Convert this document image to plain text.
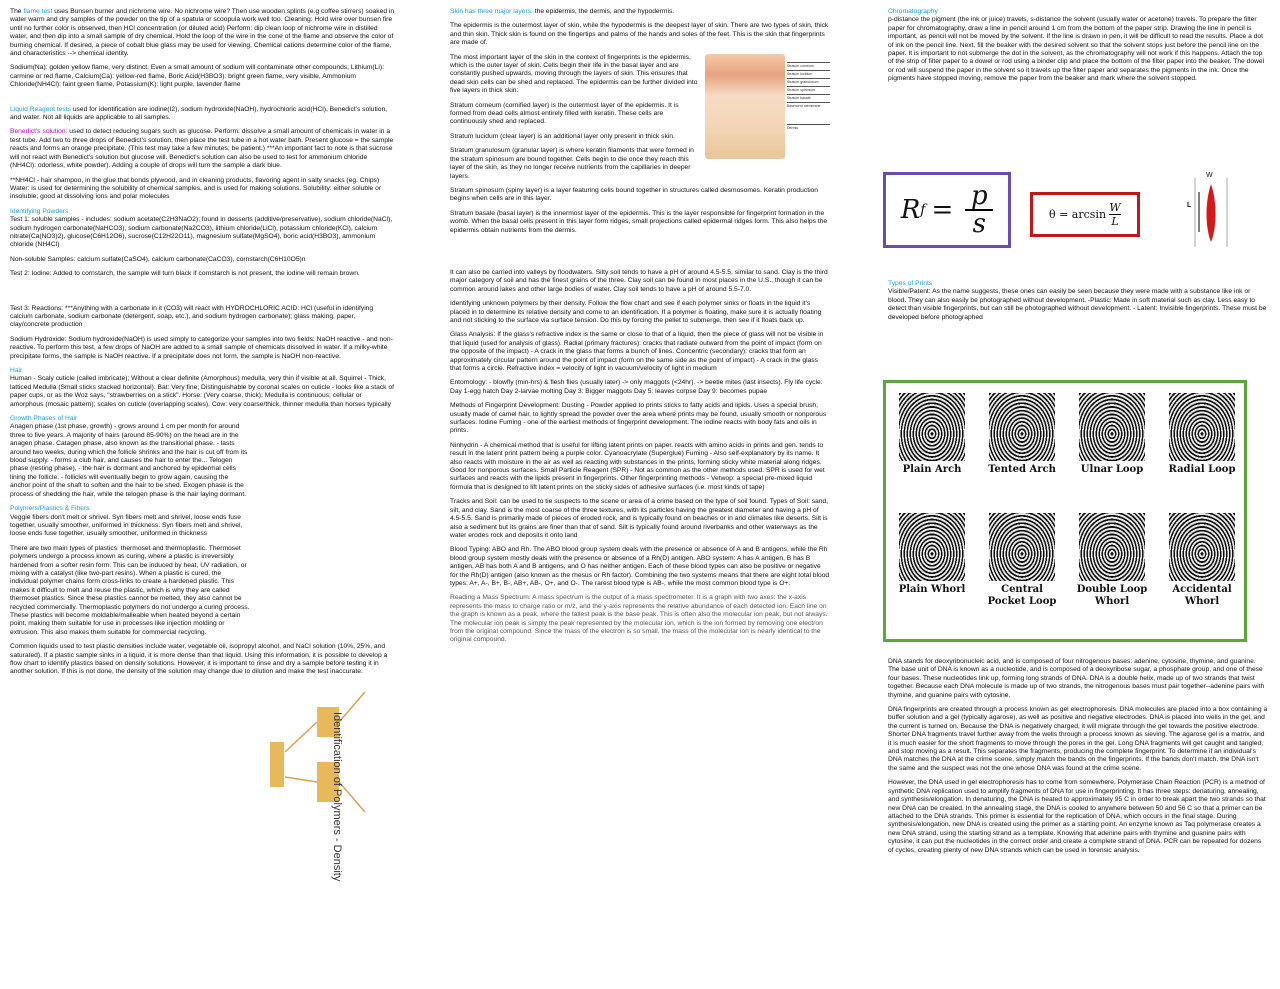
The flame test uses Bunsen burner and nichrome wire. No nichrome wire? Then use wooden splints (e.g coffee stirrers) soaked in water warm and dry samples of the powder on the tip of a spatula or scoopula work well too. Cleaning: Hold wire over bunsen fire until no further color is observed, then HCl concentration (or diluted acid) Perform: dip clean loop of nichrome wire in distilled water, and then dip into a small sample of dry chemical. Hold the loop of the wire in the cone of the flame and observe the color of burning chemical. If desired, a piece of cobalt blue glass may be used for viewing. Chemical cations determine color of the flame, and characteristics --> chemical identity.

Sodium(Na): golden yellow flame, very distinct. Even a small amount of sodium will contaminate other compounds; Lithium(Li): carmine or red flame, Calcium(Ca): yellow-red flame, Boric Acid(H3BO3): bright green flame, very visible, Ammonium Chloride(NH4Cl): faint green flame, Potassium(K): light purple, lavender flame

Liquid Reagent tests used for identification are iodine(I2), sodium hydroxide(NaOH), hydrochloric acid(HCl), Benedict's solution, and water. Not all liquids are applicable to all samples.

Benedict's solution: used to detect reducing sugars such as glucose. Perform: dissolve a small amount of chemicals in water in a test tube. Add two to three drops of Benedict's solution, then place the test tube in a hot water bath. Present glucose = the sample reacts and forms an orange precipitate. (This test may take a few minutes; be patient.) ***An important fact to note is that sucrose will not react with Benedict's solution but glucose will. Benedict's solution can also be used to test for ammonium chloride (NH4Cl): odorless, white powder). Adding a couple of drops will turn the sample a dark blue.

**NH4Cl - hair shampoo, in the glue that bonds plywood, and in cleaning products, flavoring agent in salty snacks (eg. Chips) Water: is used for determining the solubility of chemical samples, and is used for making solutions. Solubility: either soluble or insoluble; good at dissolving ions and polar molecules

Identifying Powders
Test 1: soluble samples - includes: sodium acetate(C2H3NaO2); found in desserts (additive/preservative), sodium chloride(NaCl), sodium hydrogen carbonate(NaHCO3), sodium carbonate(Na2CO3), lithium chloride(LiCl), potassium chloride(KCl), calcium nitrate(Ca(NO3)2), glucose(C6H12O6), sucrose(C12H22O11), magnesium sulfate(MgSO4), boric acid(H3BO3), ammonium chloride (NH4Cl)

Non-soluble Samples: calcium sulfate(CaSO4), calcium carbonate(CaCO3), cornstarch(C6H10O5)n

Test 2: Iodine: Added to cornstarch, the sample will turn black if cornstarch is not present, the iodine will remain brown.

Test 3: Reactions: ***Anything with a carbonate in it (CO3) will react with HYDROCHLORIC ACID: HCl (useful in identifying calcium carbonate, sodium carbonate (detergent, soap, etc.), and sodium hydrogen carbonate); glass making, paper, clay/concrete production

Sodium Hydroxide: Sodium hydroxide(NaOH) is used simply to categorize your samples into two fields: NaOH reactive - and non-reactive. To perform this test, a few drops of NaOH are added to a small sample of chemicals dissolved in water. If a milky-white precipitate forms, the sample is NaOH reactive. If a precipitate does not form, the sample is NaOH non-reactive.

Hair
Human - Scaly cuticle (called imbricate); Without a clear definite (Amorphous) medulla, very thin if visible at all. Squirrel - Thick, latticed Medulla (Small sticks stacked horizontal). Bat: Very fine; Distinguishable by coronal scales on cuticle - looks like a stack of paper cups, or as the Woz says, "strawberries on a stick". Horse: (Very coarse, thick); Medulla is continuous; cellular or amorphous (mosaic pattern); scales on cuticle (overlapping scales). Cow: very coarse/thick, thinner medulla than horses typically

Growth Phases of Hair
Anagen phase (1st phase, growth) - grows around 1 cm per month for around three to five years. A majority of hairs (around 85-90%) on the head are in the anagen phase. Catagen phase, also known as the transitional phase. - lasts around two weeks, during which the follicle shrinks and the hair is cut off from its blood supply. - forms a club hair, and causes the hair to enter the... Telogen phase (resting phase), - the hair is dormant and anchored by epidermal cells lining the follicle. - follicles will eventually begin to grow again, causing the anchor point of the shaft to soften and the hair to be shed. Exogen phase is the process of shedding the hair, while the telogen phase is the hair laying dormant.

Polymers/Plastics & Fibers
Veggie fibers don't melt or shrivel. Syn fibers melt and shrivel, loose ends fuse together, usually smoother, uniformed in thickness. Syn fibers melt and shrivel, loose ends fuse together, usually smoother, uniformed in thickness

There are two main types of plastics: thermoset and thermoplastic. Thermoset polymers undergo a process known as curing, where a plastic is irreversibly hardened from a softer resin form. This can be induced by heat, UV radiation, or mixing with a catalyst (like two-part resins). When a plastic is cured, the individual polymer chains form cross-links to create a hardened plastic. This makes it difficult to melt and reuse the plastic, which is why they are called thermoset plastics. Since these plastics cannot be melted, they also cannot be recycled commercially. Thermoplastic polymers do not undergo a curing process. These plastics will become moldable/malleable when heated beyond a certain point, making them suitable for use in processes like injection molding or extrusion. This also makes them suitable for commercial recycling.

Common liquids used to test plastic densities include water, vegetable oil, isopropyl alcohol, and NaCl solution (10%, 25%, and saturated). If a plastic sample sinks in a liquid, it is more dense than that liquid. Using this information, it is possible to develop a flow chart to identify plastics based on density solutions. However, it is important to rinse and dry a sample before testing it in another solution. If this is not done, the density of the solution may change due to dilution and make the test inaccurate.

Identification of Polymers - Density

Skin has three major layers: the epidermis, the dermis, and the hypodermis.

The epidermis is the outermost layer of skin, while the hypodermis is the deepest layer of skin. There are two types of skin, thick and thin skin. Thick skin is found on the fingertips and palms of the hands and soles of the feet. This is the skin that fingerprints are made of.

Stratum corneum
Stratum lucidum
Stratum granulosum
Stratum spinosum
Stratum basale
Basement membrane
Dermis

The most important layer of the skin in the context of fingerprints is the epidermis, which is the outer layer of skin. Cells begin their life in the basal layer and are constantly pushed upwards, moving through the layers of skin. This ensures that dead skin cells can be shed and replaced. The epidermis can be further divided into five layers in thick skin:

Stratum corneum (cornified layer) is the outermost layer of the epidermis. It is formed from dead cells almost entirely filled with keratin. These cells are continuously shed and replaced.

Stratum lucidum (clear layer) is an additional layer only present in thick skin.

Stratum granulosum (granular layer) is where keratin filaments that were formed in the stratum spinosum are bound together. Cells begin to die once they reach this layer of the skin, as they no longer receive nutrients from the capillaries in deeper layers.

Stratum spinosum (spiny layer) is a layer featuring cells bound together in structures called desmosomes. Keratin production begins when cells are in this layer.

Stratum basale (basal layer) is the innermost layer of the epidermis. This is the layer responsible for fingerprint formation in the womb. When the basal cells present in this layer form ridges, small projections called epidermal ridges form. This also helps the epidermis obtain nutrients from the dermis.

It can also be carried into valleys by floodwaters. Silty soil tends to have a pH of around 4.5-5.5, similar to sand. Clay is the third major category of soil and has the finest grains of the three. Clay soil can be found in most places in the U.S., though it can be common around lakes and other large bodies of water. Clay soil tends to have a pH of around 5.5-7.0.

Identifying unknown polymers by their density. Follow the flow chart and see if each polymer sinks or floats in the liquid it's placed in to determine its relative density and come to an identification. If a polymer is floating, make sure it is actually floating and not sticking to the surface via surface tension. Do this by forcing the pellet to submerge, then see if it floats back up.

Glass Analysis: If the glass's refractive index is the same or close to that of a liquid, then the piece of glass will not be visible in that liquid (used for analysis of glass). Radial (primary fractures): cracks that radiate outward from the point of impact (form on the opposite of the impact) - A crack in the glass that forms a bunch of lines. Concentric (secondary): cracks that form an approximately circular pattern around the point of impact (form on the same side as the point of impact) - A crack in the glass that forms a circle. Refractive index = velocity of light in vacuum/velocity of light in medium

Entomology: - blowfly (min-hrs) & flesh flies (usually later) -> only maggots (<24hr). -> beetle mites (last insects). Fly life cycle: Day 1-egg hatch Day 2-larvae molting Day 3: Bigger maggots Day 5: leaves corpse Day 9: becomes pupae

Methods of Fingerprint Development: Dusting - Powder applied to prints sticks to fatty acids and lipids. Uses a special brush, usually made of camel hair, to lightly spread the powder over the area where prints may be found, usually smooth or nonporous surfaces. Iodine Fuming - one of the earliest methods of fingerprint development. The iodine reacts with body fats and oils in prints.

Ninhydrin - A chemical method that is useful for lifting latent prints on paper. reacts with amino acids in prints and gen. tends to result in the latent print pattern being a purple color. Cyanoacrylate (Superglue) Fuming - Also self-explanatory by its name. It also reacts with moisture in the air as well as reacting with substances in the prints, forming sticky white material along ridges. Good for nonporous surfaces. Small Particle Reagent (SPR) - Not as common as the other methods used. SPR is used for wet surfaces and reacts with the lipids present in fingerprints. Other fingerprinting methods - Vetwop: a special pre-mixed liquid formula that is designed to lift latent prints on the sticky sides of adhesive surfaces (i.e. most kinds of tape)

Tracks and Soil: can be used to tie suspects to the scene or area of a crime based on the type of soil found. Types of Soil: sand, silt, and clay. Sand is the most coarse of the three textures, with its particles having the greatest diameter and having a pH of 4.5-5.5. Sand is primarily made of pieces of eroded rock, and is typically found on beaches or in arid climates like deserts. Silt is also a sediment but its grains are finer than that of sand. Silt is typically found around riverbanks and other waterways as the water erodes rock and deposits it onto land

Blood Typing: ABO and Rh. The ABO blood group system deals with the presence or absence of A and B antigens, while the Rh blood group system mostly deals with the presence or absence of a Rh(D) antigen. ABO system: A has A antigen, B has B antigen, AB has both A and B antigens, and O has neither antigen. Each of these blood types can also be positive or negative for the Rh(D) antigen (also known as the rhesus or Rh factor). Combining the two systems means that there are eight total blood types: A+, A-, B+, B-, AB+, AB-, O+, and O-. The rarest blood type is AB-, while the most common blood type is O+.

Reading a Mass Spectrum: A mass spectrum is the output of a mass spectrometer. It is a graph with two axes: the x-axis represents the mass to charge ratio or m/z, and the y-axis represents the relative abundance of each detected ion. Each line on the graph is known as a peak, where the tallest peak is the base peak. This is often also the molecular ion peak, but not always. The molecular ion peak is simply the peak represented by the molecular ion, which is the ion formed by removing one electron from the original compound. Since the mass of the electron is so small, the mass of the molecular ion is nearly identical to the original compound.

Chromatography
p-distance the pigment (the ink or juice) travels, s-distance the solvent (usually water or acetone) travels. To prepare the filter paper for chromatography, draw a line in pencil around 1 cm from the bottom of the paper strip. Drawing the line in pencil is important, as pencil will not be moved by the solvent. If the line is drawn in pen, it will be difficult to read the results. Place a dot of ink on the pencil line. Next, fill the beaker with the desired solvent so that the solvent stops just before the pencil line on the paper. It is important to not submerge the dot in the solvent, as the chromatography will not work if this happens. Attach the top of the strip of filter paper to a dowel or rod using a binder clip and place the bottom of the filter paper into the beaker. The dowel or rod will suspend the paper in the solvent so it travels up the filter paper and separates the pigments in the ink. Once the pigments have stopped moving, remove the paper from the beaker and mark where the solvent stopped.

R $f = \frac{p}{s}$	$\theta = \arcsin \frac{W}{L}$
W
L

Types of Prints
Visible/Patent: As the name suggests, these ones can easily be seen because they were made with a substance like ink or blood. They can also easily be photographed without development. -Plastic: Made in soft material such as clay. Less easy to detect than visible fingerprints, but can still be photographed without development. - Latent: Invisible fingerprints. These must be developed before photographed

Plain Arch	Tented Arch	Ulnar Loop	Radial Loop
Plain Whorl	Central Pocket Loop
Double Loop Whorl
Accidental Whorl

DNA stands for deoxyribonucleic acid, and is composed of four nitrogenous bases: adenine, cytosine, thymine, and guanine. The base unit of DNA is known as a nucleotide, and is composed of a deoxyribose sugar, a phosphate group, and one of these four bases. These nucleotides link up, forming long strands of DNA. DNA is a double helix, made up of two strands that twist together. Because each DNA molecule is made up of two strands, the nitrogenous bases must pair together--adenine pairs with thymine, and guanine pairs with cytosine.

DNA fingerprints are created through a process known as gel electrophoresis. DNA molecules are placed into a box containing a buffer solution and a gel (typically agarose), as well as positive and negative electrodes. DNA is placed into wells in the gel, and the current is turned on. Because the DNA is negatively charged, it will migrate through the gel towards the positive electrode. Shorter DNA fragments travel further away from the wells through a process known as sieving. The agarose gel is a matrix, and it is much easier for the short fragments to move through the pores in the gel. Long DNA fragments will get caught and tangled, and stop moving as a result. This separates the fragments, producing the complete fingerprint. To determine if an individual's DNA matches the DNA at the crime scene, simply match the bands on the fingerprints. If the bands don't match, the DNA isn't the same and the suspect was not the one whose DNA was found at the crime scene.

However, the DNA used in gel electrophoresis has to come from somewhere. Polymerase Chain Reaction (PCR) is a method of synthetic DNA replication used to amplify fragments of DNA for use in fingerprinting. It has three steps: denaturing, annealing, and synthesis/elongation. In denaturing, the DNA is heated to approximately 95 C in order to break apart the two strands so that new DNA can be created. In the annealing stage, the DNA is cooled to anywhere between 50 and 56 C so that a primer can be attached to the DNA strands. This primer is essential for the replication of DNA, which occurs in the final stage. During synthesis/elongation, new DNA is created using the primer as a starting point. An enzyme known as Taq polymerase creates a new DNA strand, using the starting strand as a template. Knowing that adenine pairs with thymine and guanine pairs with cytosine, it can put the nucleotides in the correct order and create a complete strand of DNA. PCR can be repeated for dozens of cycles, creating plenty of new DNA strands which can be used in forensic analysis.
